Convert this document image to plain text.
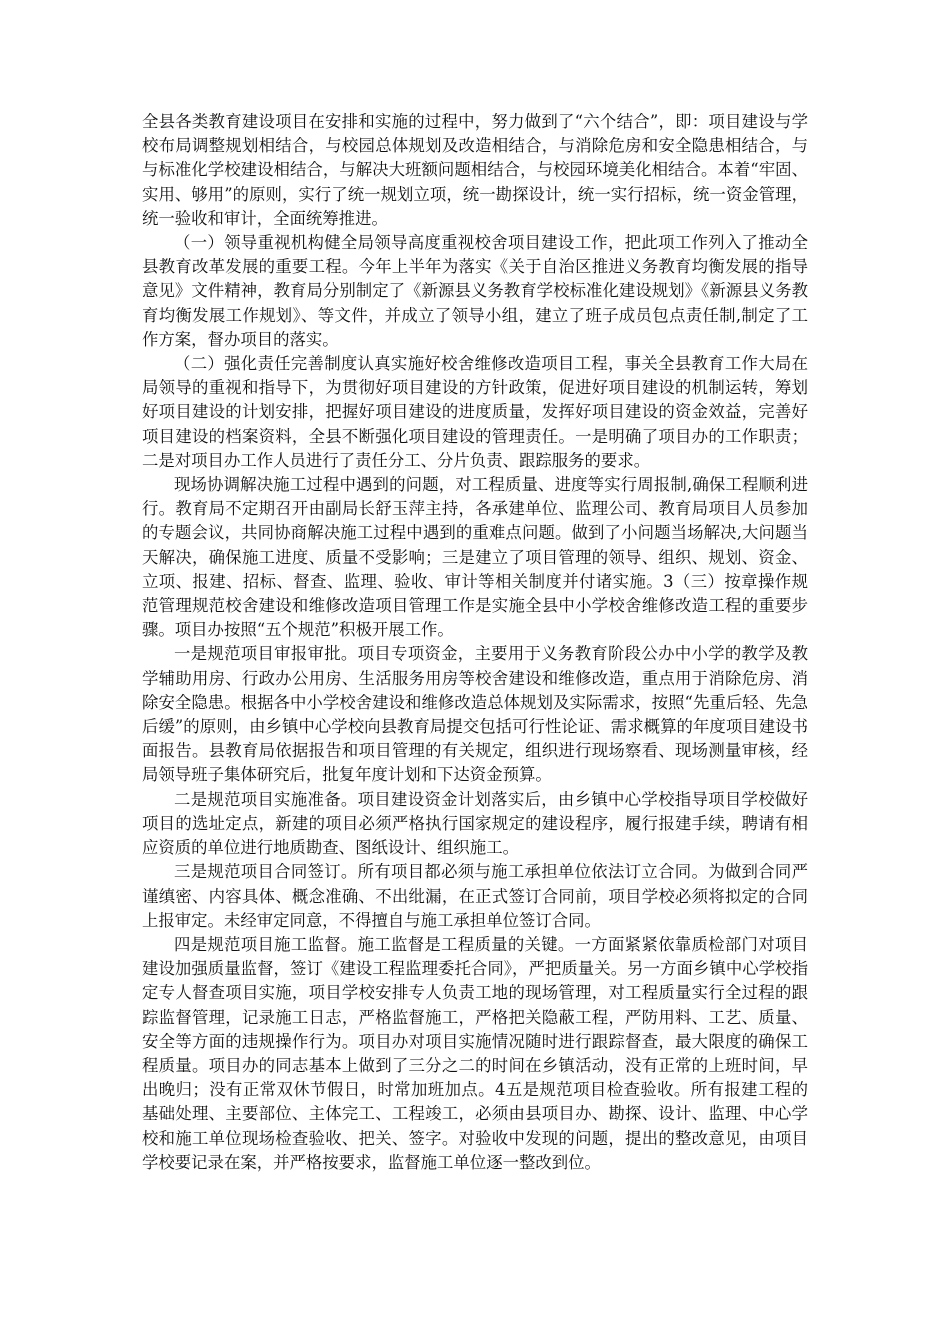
全县各类教育建设项目在安排和实施的过程中，努力做到了“六个结合”，即：项目建设与学校布局调整规划相结合，与校园总体规划及改造相结合，与消除危房和安全隐患相结合，与与标准化学校建设相结合，与解决大班额问题相结合，与校园环境美化相结合。本着“牢固、实用、够用”的原则，实行了统一规划立项，统一勘探设计，统一实行招标，统一资金管理，统一验收和审计，全面统筹推进。

（一）领导重视机构健全局领导高度重视校舍项目建设工作，把此项工作列入了推动全县教育改革发展的重要工程。今年上半年为落实《关于自治区推进义务教育均衡发展的指导意见》文件精神，教育局分别制定了《新源县义务教育学校标准化建设规划》《新源县义务教育均衡发展工作规划》、等文件，并成立了领导小组，建立了班子成员包点责任制,制定了工作方案，督办项目的落实。

（二）强化责任完善制度认真实施好校舍维修改造项目工程，事关全县教育工作大局在局领导的重视和指导下，为贯彻好项目建设的方针政策，促进好项目建设的机制运转，筹划好项目建设的计划安排，把握好项目建设的进度质量，发挥好项目建设的资金效益，完善好项目建设的档案资料，全县不断强化项目建设的管理责任。一是明确了项目办的工作职责；二是对项目办工作人员进行了责任分工、分片负责、跟踪服务的要求。

现场协调解决施工过程中遇到的问题，对工程质量、进度等实行周报制,确保工程顺利进行。教育局不定期召开由副局长舒玉萍主持，各承建单位、监理公司、教育局项目人员参加的专题会议，共同协商解决施工过程中遇到的重难点问题。做到了小问题当场解决,大问题当天解决，确保施工进度、质量不受影响；三是建立了项目管理的领导、组织、规划、资金、立项、报建、招标、督查、监理、验收、审计等相关制度并付诸实施。3（三）按章操作规范管理规范校舍建设和维修改造项目管理工作是实施全县中小学校舍维修改造工程的重要步骤。项目办按照“五个规范”积极开展工作。

一是规范项目审报审批。项目专项资金，主要用于义务教育阶段公办中小学的教学及教学辅助用房、行政办公用房、生活服务用房等校舍建设和维修改造，重点用于消除危房、消除安全隐患。根据各中小学校舍建设和维修改造总体规划及实际需求，按照“先重后轻、先急后缓”的原则，由乡镇中心学校向县教育局提交包括可行性论证、需求概算的年度项目建设书面报告。县教育局依据报告和项目管理的有关规定，组织进行现场察看、现场测量审核，经局领导班子集体研究后，批复年度计划和下达资金预算。

二是规范项目实施准备。项目建设资金计划落实后，由乡镇中心学校指导项目学校做好项目的选址定点，新建的项目必须严格执行国家规定的建设程序，履行报建手续，聘请有相应资质的单位进行地质勘查、图纸设计、组织施工。

三是规范项目合同签订。所有项目都必须与施工承担单位依法订立合同。为做到合同严谨缜密、内容具体、概念准确、不出纰漏，在正式签订合同前，项目学校必须将拟定的合同上报审定。未经审定同意，不得擅自与施工承担单位签订合同。

四是规范项目施工监督。施工监督是工程质量的关键。一方面紧紧依靠质检部门对项目建设加强质量监督，签订《建设工程监理委托合同》，严把质量关。另一方面乡镇中心学校指定专人督查项目实施，项目学校安排专人负责工地的现场管理，对工程质量实行全过程的跟踪监督管理，记录施工日志，严格监督施工，严格把关隐蔽工程，严防用料、工艺、质量、安全等方面的违规操作行为。项目办对项目实施情况随时进行跟踪督查，最大限度的确保工程质量。项目办的同志基本上做到了三分之二的时间在乡镇活动，没有正常的上班时间，早出晚归；没有正常双休节假日，时常加班加点。4五是规范项目检查验收。所有报建工程的基础处理、主要部位、主体完工、工程竣工，必须由县项目办、勘探、设计、监理、中心学校和施工单位现场检查验收、把关、签字。对验收中发现的问题，提出的整改意见，由项目学校要记录在案，并严格按要求，监督施工单位逐一整改到位。
